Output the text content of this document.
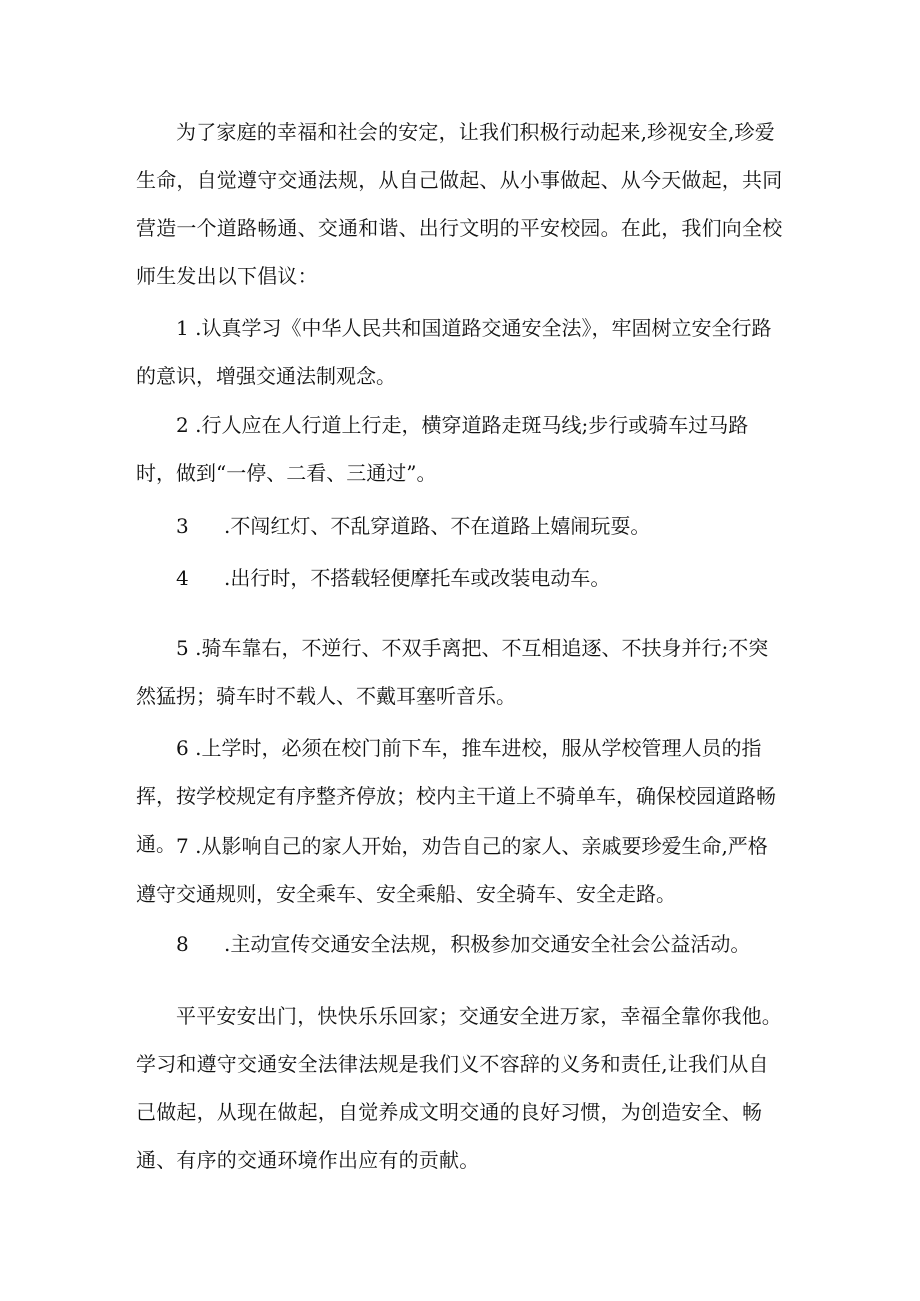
为了家庭的幸福和社会的安定，让我们积极行动起来,珍视安全,珍爱生命，自觉遵守交通法规，从自己做起、从小事做起、从今天做起，共同营造一个道路畅通、交通和谐、出行文明的平安校园。在此，我们向全校师生发出以下倡议：

1 .认真学习《中华人民共和国道路交通安全法》，牢固树立安全行路的意识，增强交通法制观念。

2 .行人应在人行道上行走，横穿道路走斑马线;步行或骑车过马路时，做到“一停、二看、三通过”。

3 .不闯红灯、不乱穿道路、不在道路上嬉闹玩耍。

4 .出行时，不搭载轻便摩托车或改装电动车。

5 .骑车靠右，不逆行、不双手离把、不互相追逐、不扶身并行;不突然猛拐；骑车时不载人、不戴耳塞听音乐。

6 .上学时，必须在校门前下车，推车进校，服从学校管理人员的指挥，按学校规定有序整齐停放；校内主干道上不骑单车，确保校园道路畅通。 7 .从影响自己的家人开始，劝告自己的家人、亲戚要珍爱生命,严格遵守交通规则，安全乘车、安全乘船、安全骑车、安全走路。

8 .主动宣传交通安全法规，积极参加交通安全社会公益活动。

平平安安出门，快快乐乐回家；交通安全进万家，幸福全靠你我他。

学习和遵守交通安全法律法规是我们义不容辞的义务和责任,让我们从自己做起，从现在做起，自觉养成文明交通的良好习惯，为创造安全、畅通、有序的交通环境作出应有的贡献。
